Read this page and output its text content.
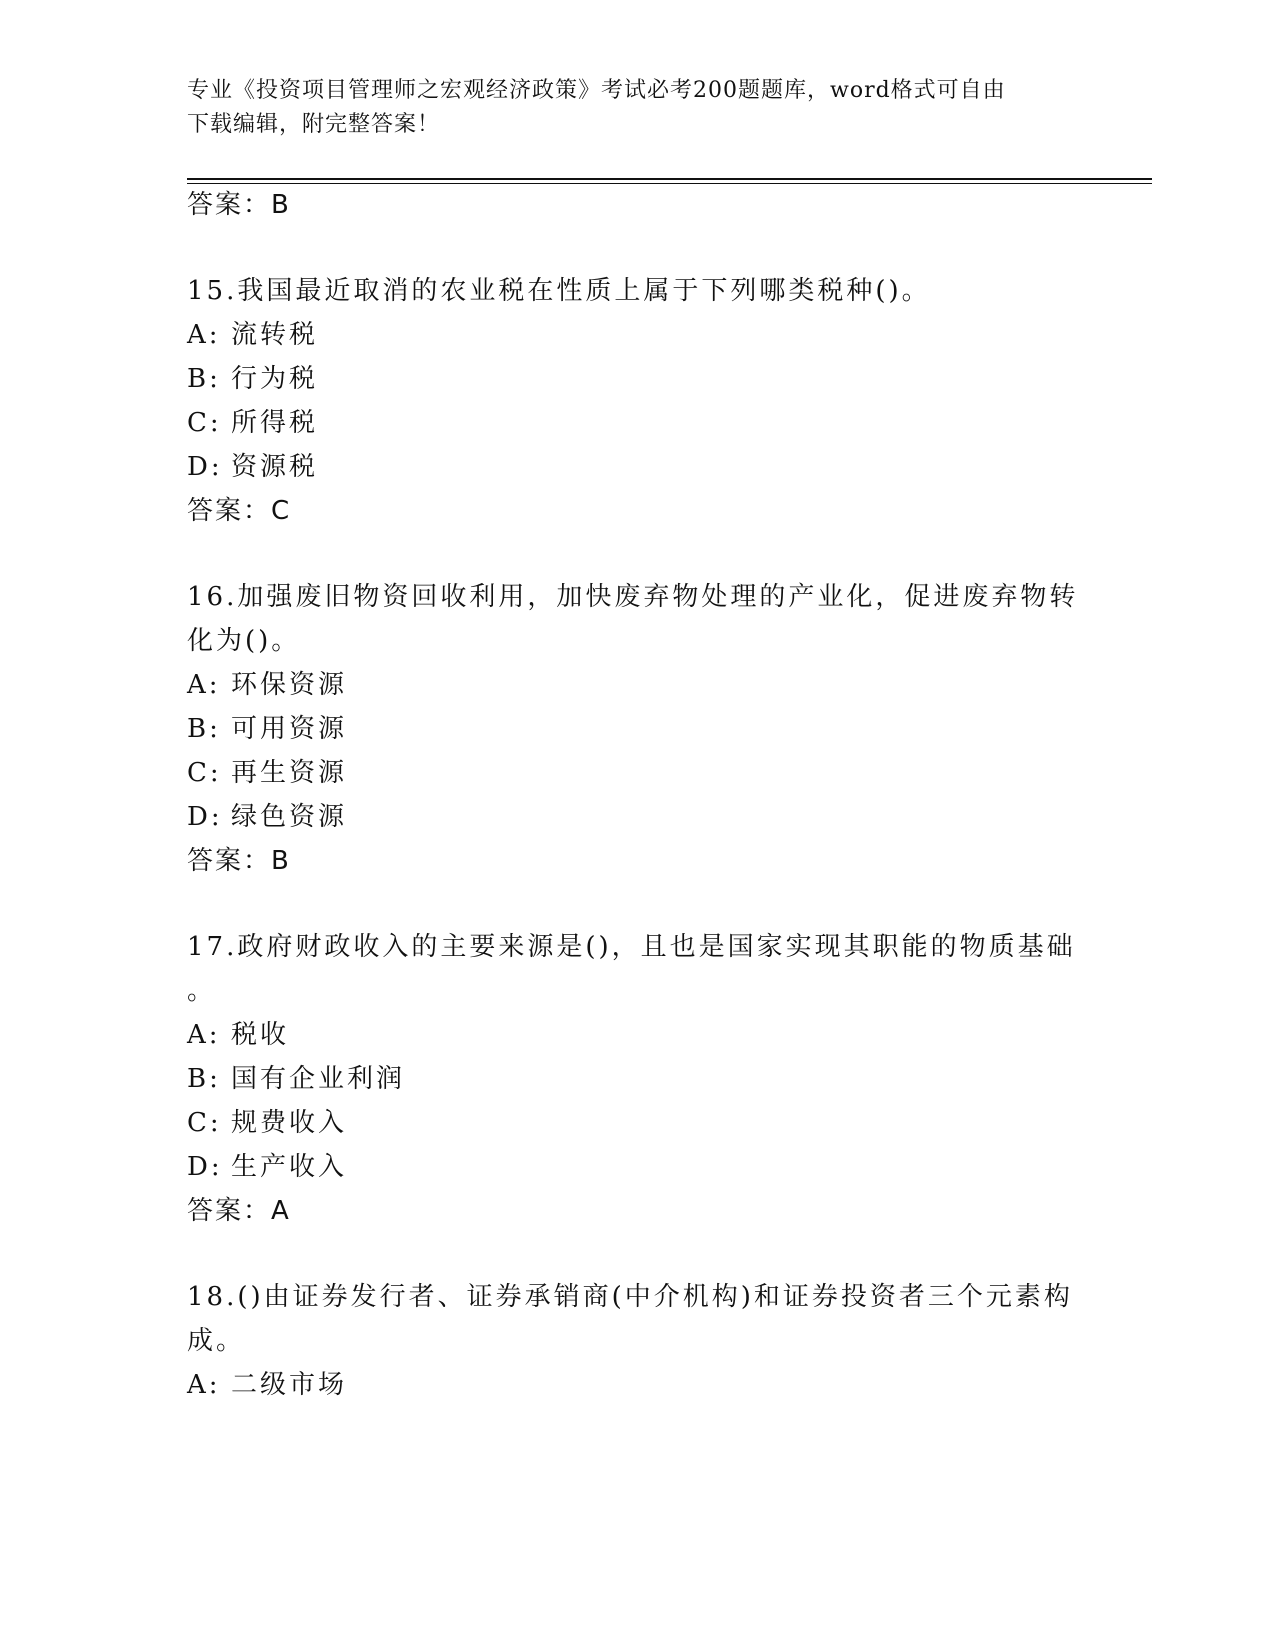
专业《投资项目管理师之宏观经济政策》考试必考200题题库，word格式可自由
下载编辑，附完整答案！
答案：B
15.我国最近取消的农业税在性质上属于下列哪类税种()。
A: 流转税
B: 行为税
C: 所得税
D: 资源税
答案：C
16.加强废旧物资回收利用，加快废弃物处理的产业化，促进废弃物转
化为()。
A: 环保资源
B: 可用资源
C: 再生资源
D: 绿色资源
答案：B
17.政府财政收入的主要来源是()，且也是国家实现其职能的物质基础
。
A: 税收
B: 国有企业利润
C: 规费收入
D: 生产收入
答案：A
18.()由证券发行者、证券承销商(中介机构)和证券投资者三个元素构
成。
A: 二级市场
